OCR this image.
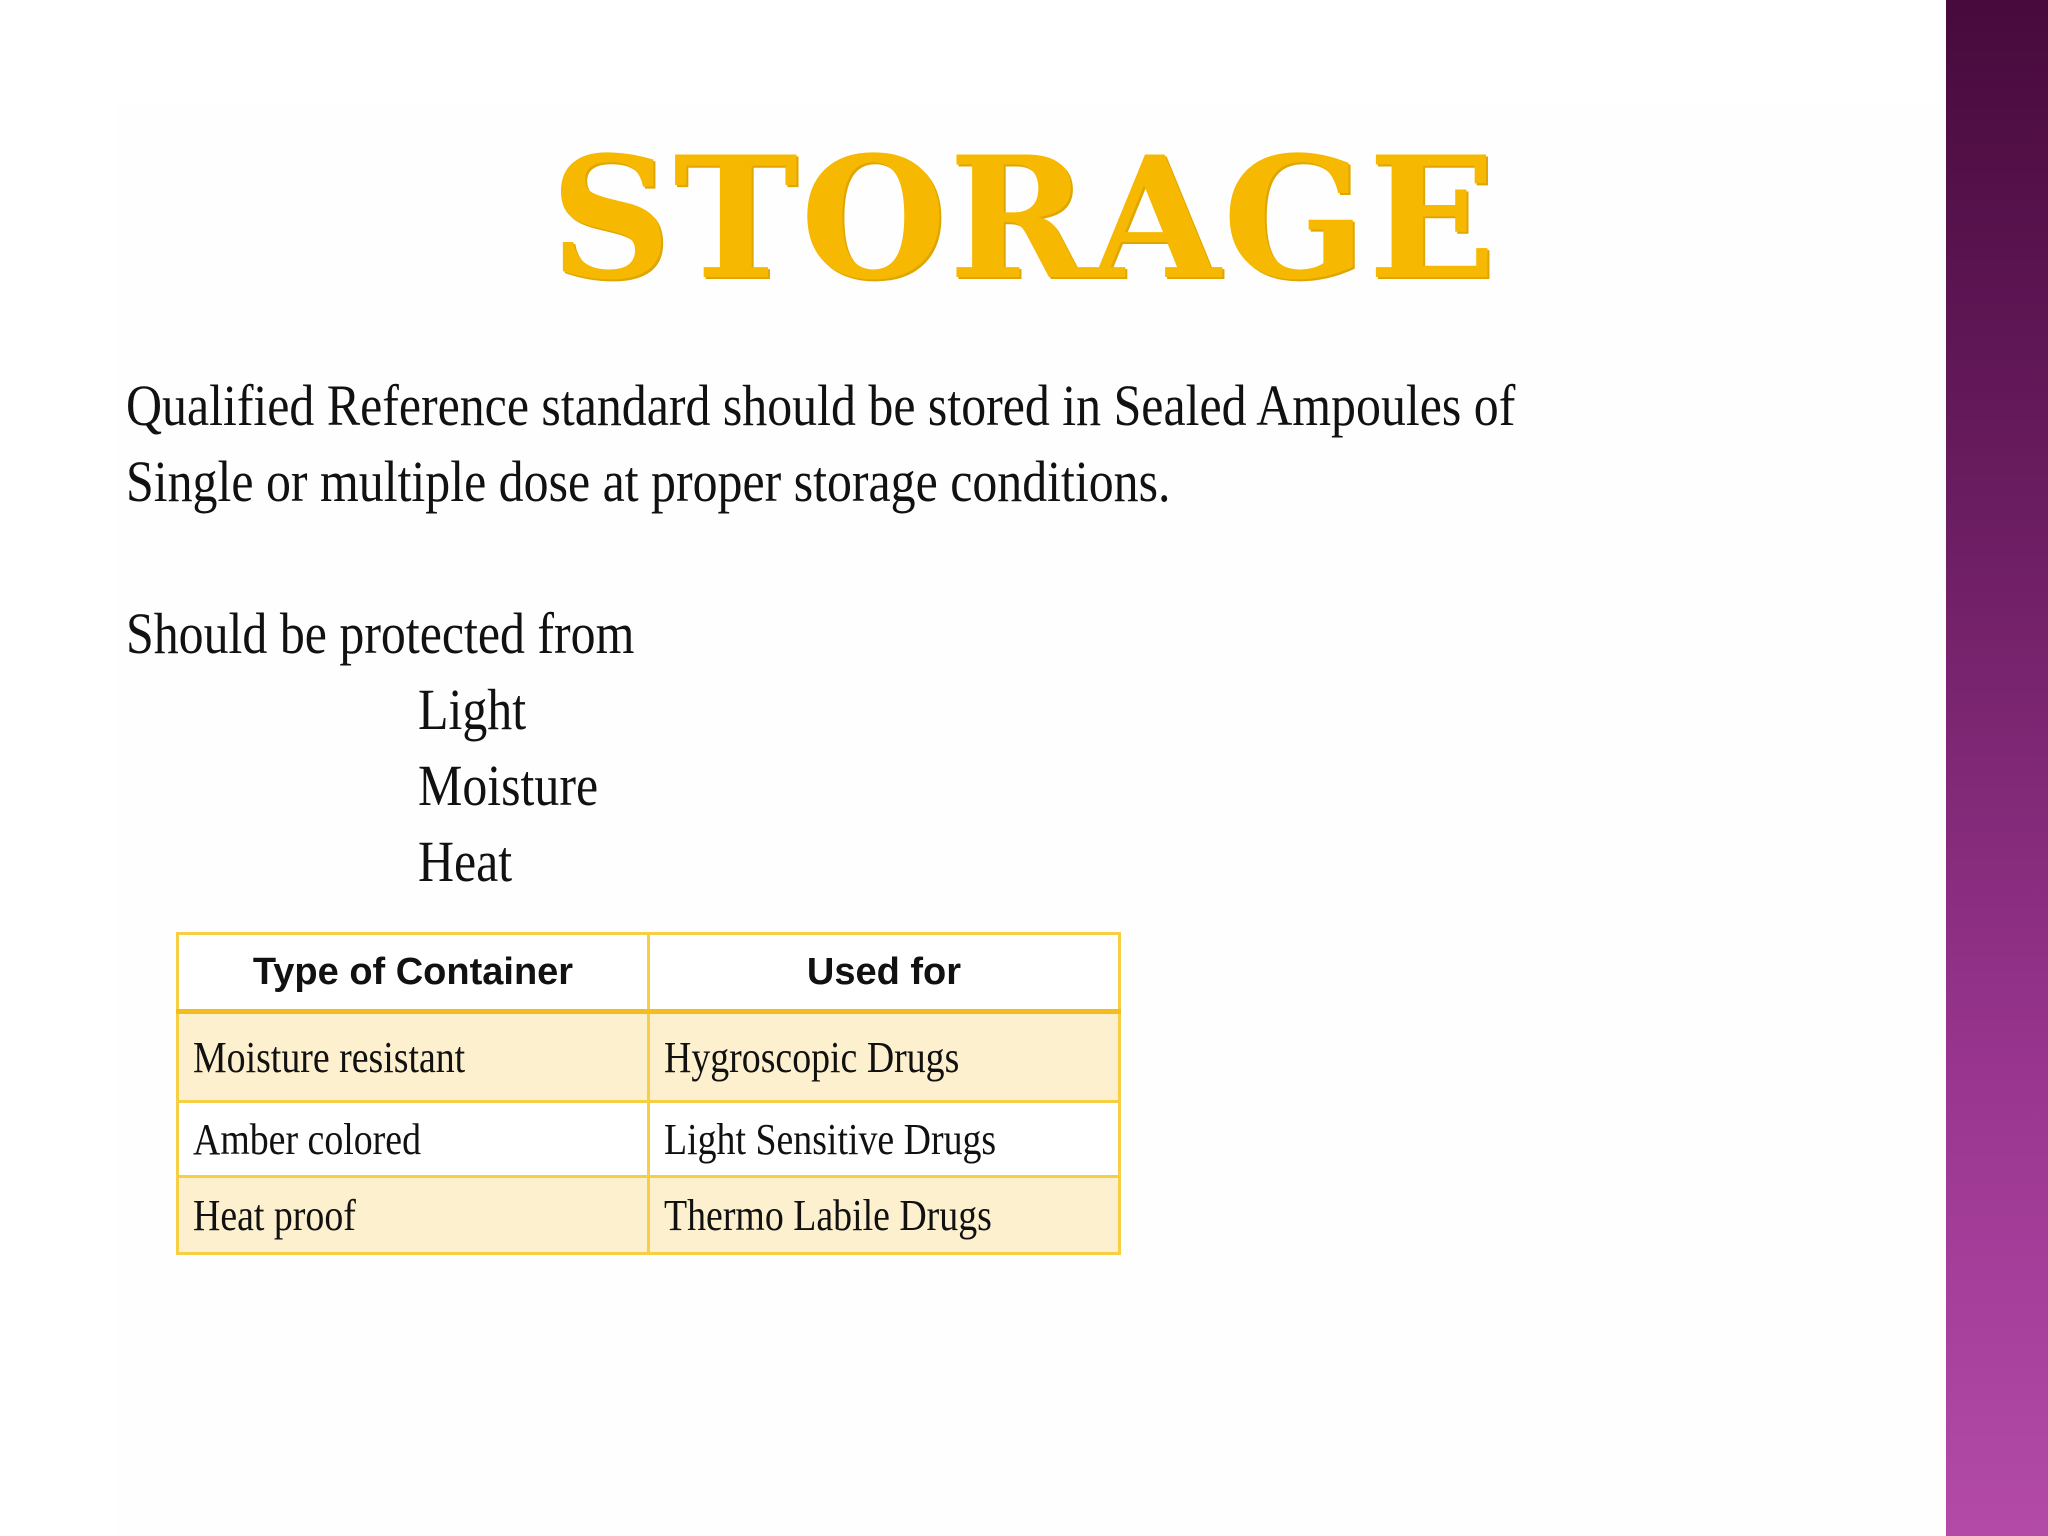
STORAGE
Qualified Reference standard should be stored in Sealed Ampoules of Single or multiple dose at proper storage conditions.
Should be protected from
Light
Moisture
Heat
Type of Container	Used for
Moisture resistant	Hygroscopic Drugs
Amber colored	Light Sensitive Drugs
Heat proof	Thermo Labile Drugs
